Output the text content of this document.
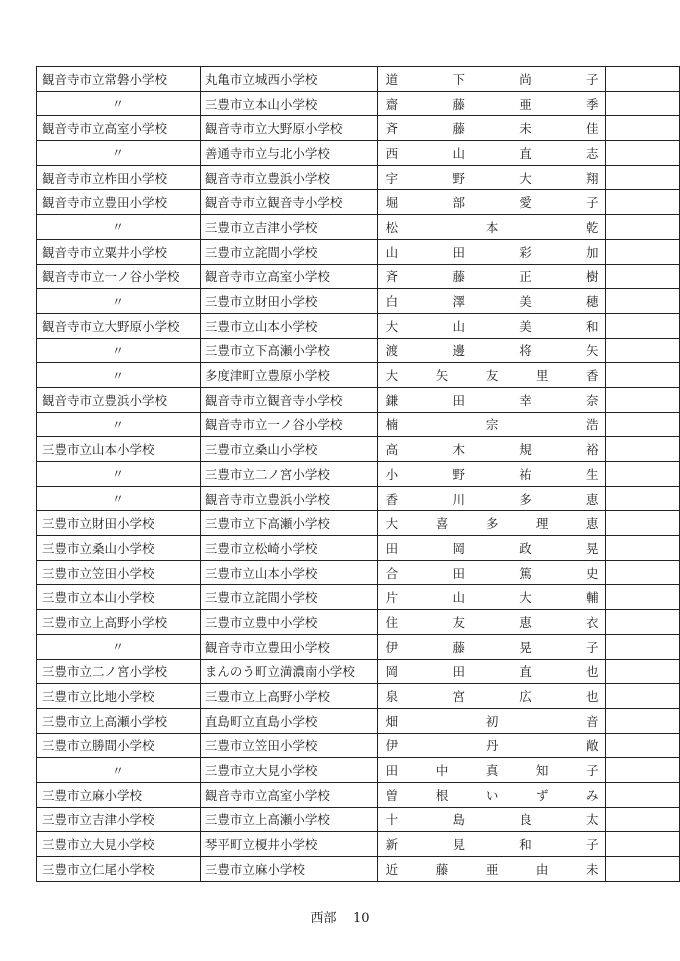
観音寺市立常磐小学校	丸亀市立城西小学校	道 下 尚 子	

〃	三豊市立本山小学校	齋 藤 亜 季	

観音寺市立高室小学校	観音寺市立大野原小学校	斉 藤 未 佳	

〃	善通寺市立与北小学校	西 山 直 志	

観音寺市立柞田小学校	観音寺市立豊浜小学校	宇 野 大 翔	

観音寺市立豊田小学校	観音寺市立観音寺小学校	堀 部 愛 子	

〃	三豊市立吉津小学校	松 本 乾	

観音寺市立粟井小学校	三豊市立詫間小学校	山 田 彩 加	

観音寺市立一ノ谷小学校	観音寺市立高室小学校	斉 藤 正 樹	

〃	三豊市立財田小学校	白 澤 美 穂	

観音寺市立大野原小学校	三豊市立山本小学校	大 山 美 和	

〃	三豊市立下高瀬小学校	渡 邊 将 矢	

〃	多度津町立豊原小学校	大 矢 友 里 香	

観音寺市立豊浜小学校	観音寺市立観音寺小学校	鎌 田 幸 奈	

〃	観音寺市立一ノ谷小学校	楠 宗 浩	

三豊市立山本小学校	三豊市立桑山小学校	高 木 規 裕	

〃	三豊市立二ノ宮小学校	小 野 祐 生	

〃	観音寺市立豊浜小学校	香 川 多 恵	

三豊市立財田小学校	三豊市立下高瀬小学校	大 喜 多 理 恵	

三豊市立桑山小学校	三豊市立松崎小学校	田 岡 政 晃	

三豊市立笠田小学校	三豊市立山本小学校	合 田 篤 史	

三豊市立本山小学校	三豊市立詫間小学校	片 山 大 輔	

三豊市立上高野小学校	三豊市立豊中小学校	住 友 恵 衣	

〃	観音寺市立豊田小学校	伊 藤 晃 子	

三豊市立二ノ宮小学校	まんのう町立満濃南小学校	岡 田 直 也	

三豊市立比地小学校	三豊市立上高野小学校	泉 宮 広 也	

三豊市立上高瀬小学校	直島町立直島小学校	畑 初 音	

三豊市立勝間小学校	三豊市立笠田小学校	伊 丹 敞	

〃	三豊市立大見小学校	田 中 真 知 子	

三豊市立麻小学校	観音寺市立高室小学校	曽 根 い ず み	

三豊市立吉津小学校	三豊市立上高瀬小学校	十 島 良 太	

三豊市立大見小学校	琴平町立榎井小学校	新 見 和 子	

三豊市立仁尾小学校	三豊市立麻小学校	近 藤 亜 由 未	

西部 10
